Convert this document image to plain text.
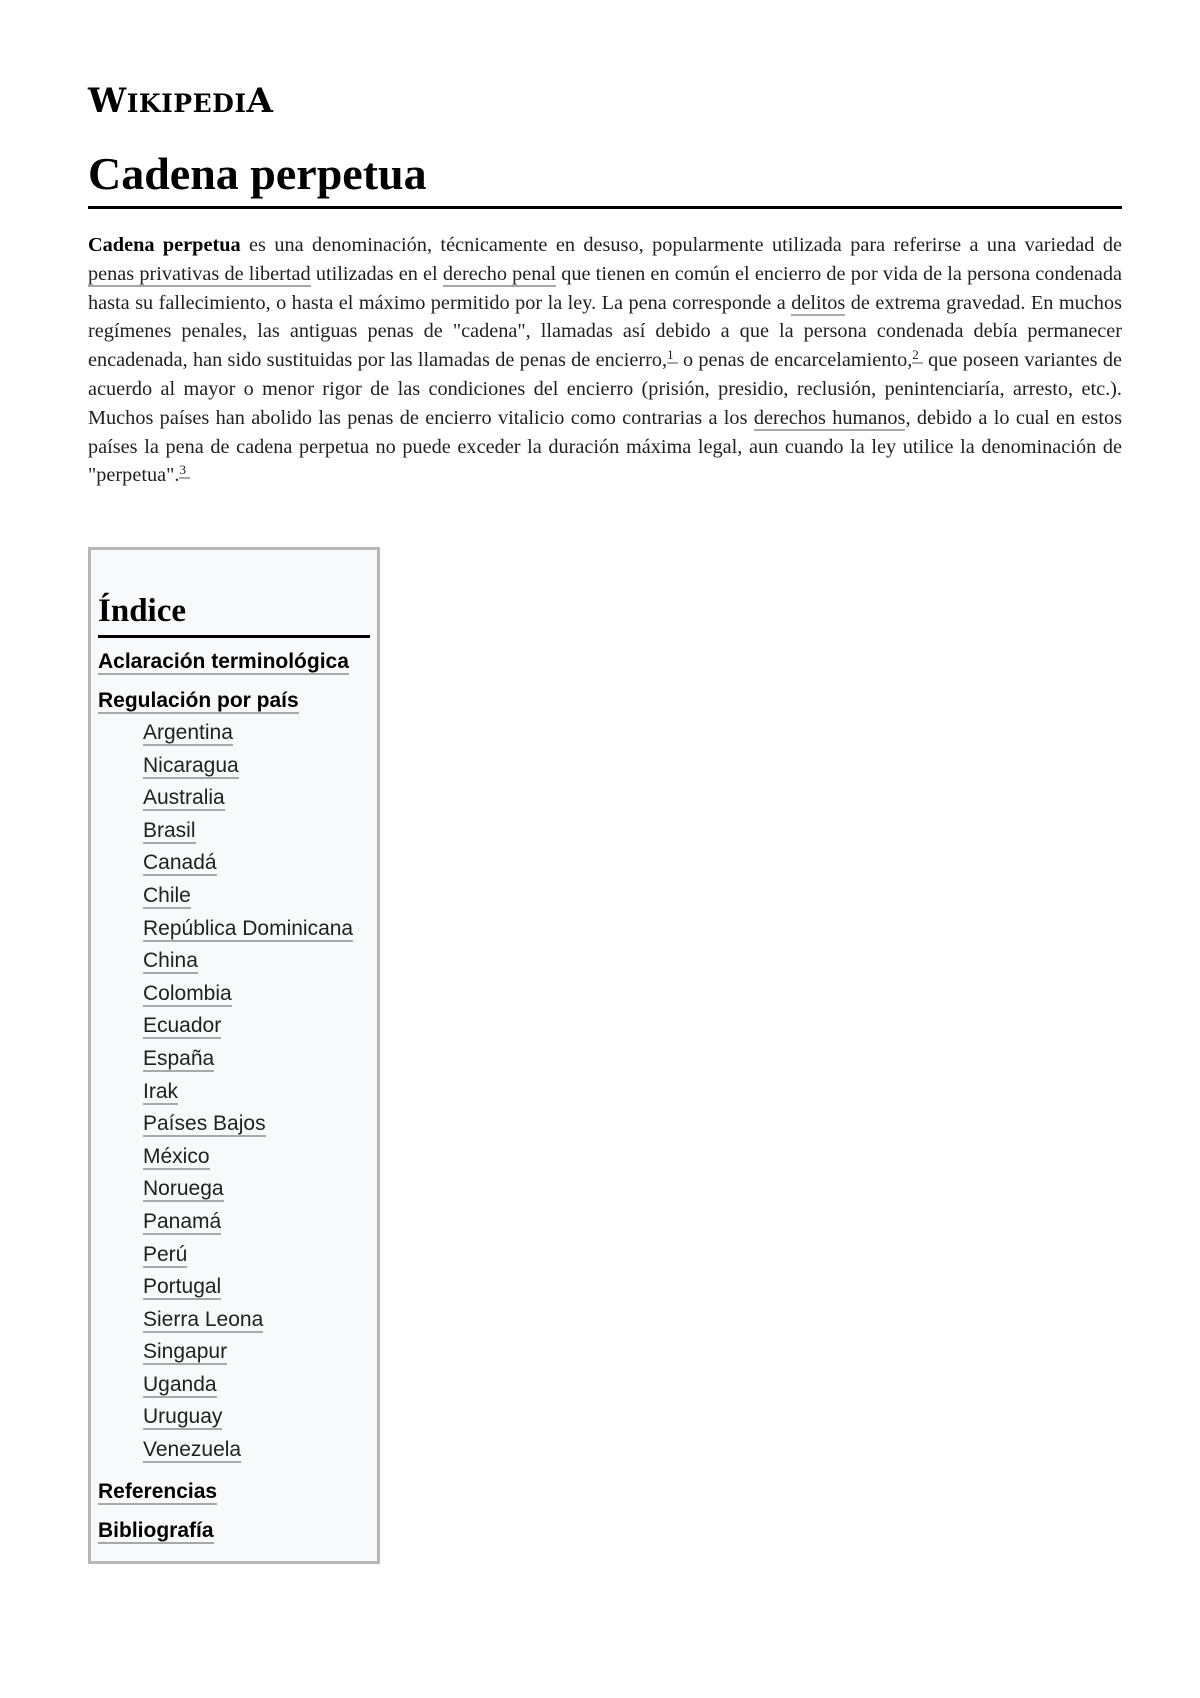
WIKIPEDIA
Cadena perpetua

Cadena perpetua es una denominación, técnicamente en desuso, popularmente utilizada para referirse a una variedad de penas privativas de libertad utilizadas en el derecho penal que tienen en común el encierro de por vida de la persona condenada hasta su fallecimiento, o hasta el máximo permitido por la ley. La pena corresponde a delitos de extrema gravedad. En muchos regímenes penales, las antiguas penas de "cadena", llamadas así debido a que la persona condenada debía permanecer encadenada, han sido sustituidas por las llamadas de penas de encierro,$^1$ o penas de encarcelamiento,$^2$ que poseen variantes de acuerdo al mayor o menor rigor de las condiciones del encierro (prisión, presidio, reclusión, penintenciaría, arresto, etc.). Muchos países han abolido las penas de encierro vitalicio como contrarias a los derechos humanos, debido a lo cual en estos países la pena de cadena perpetua no puede exceder la duración máxima legal, aun cuando la ley utilice la denominación de "perpetua".$^3$

Índice
Aclaración terminológica
Regulación por país
Argentina
Nicaragua
Australia
Brasil
Canadá
Chile
República Dominicana
China
Colombia
Ecuador
España
Irak
Países Bajos
México
Noruega
Panamá
Perú
Portugal
Sierra Leona
Singapur
Uganda
Uruguay
Venezuela
Referencias
Bibliografía
